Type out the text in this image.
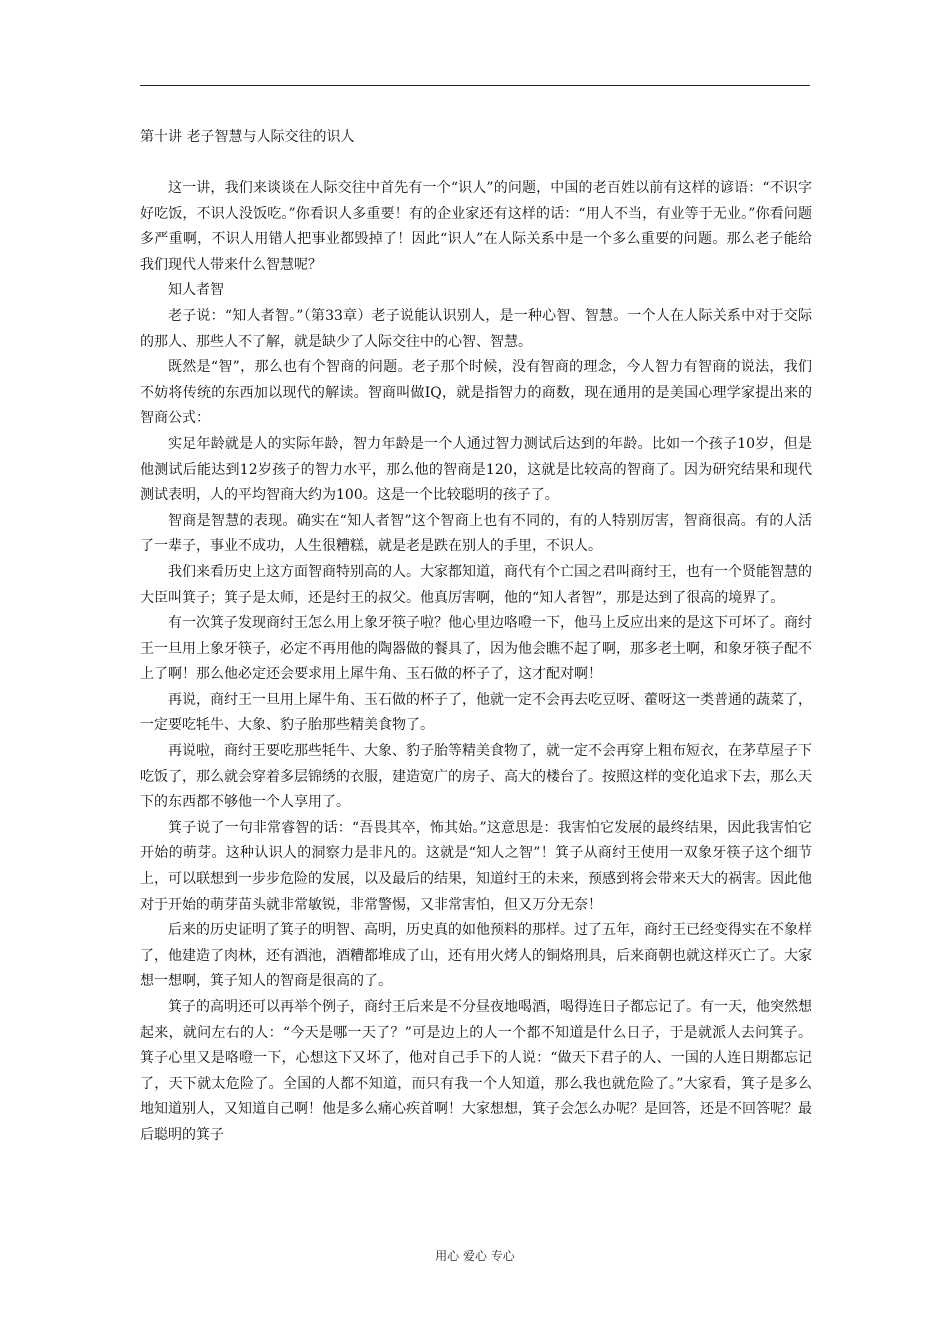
第十讲 老子智慧与人际交往的识人

这一讲，我们来谈谈在人际交往中首先有一个“识人”的问题，中国的老百姓以前有这样的谚语：“不识字好吃饭，不识人没饭吃。”你看识人多重要！有的企业家还有这样的话：“用人不当，有业等于无业。”你看问题多严重啊，不识人用错人把事业都毁掉了！因此“识人”在人际关系中是一个多么重要的问题。那么老子能给我们现代人带来什么智慧呢？

知人者智

老子说：“知人者智。”（第33章）老子说能认识别人，是一种心智、智慧。一个人在人际关系中对于交际的那人、那些人不了解，就是缺少了人际交往中的心智、智慧。

既然是“智”，那么也有个智商的问题。老子那个时候，没有智商的理念，今人智力有智商的说法，我们不妨将传统的东西加以现代的解读。智商叫做IQ，就是指智力的商数，现在通用的是美国心理学家提出来的智商公式：

实足年龄就是人的实际年龄，智力年龄是一个人通过智力测试后达到的年龄。比如一个孩子10岁，但是他测试后能达到12岁孩子的智力水平，那么他的智商是120，这就是比较高的智商了。因为研究结果和现代测试表明，人的平均智商大约为100。这是一个比较聪明的孩子了。

智商是智慧的表现。确实在“知人者智”这个智商上也有不同的，有的人特别厉害，智商很高。有的人活了一辈子，事业不成功，人生很糟糕，就是老是跌在别人的手里，不识人。

我们来看历史上这方面智商特别高的人。大家都知道，商代有个亡国之君叫商纣王，也有一个贤能智慧的大臣叫箕子；箕子是太师，还是纣王的叔父。他真厉害啊，他的“知人者智”，那是达到了很高的境界了。

有一次箕子发现商纣王怎么用上象牙筷子啦？他心里边咯噔一下，他马上反应出来的是这下可坏了。商纣王一旦用上象牙筷子，必定不再用他的陶器做的餐具了，因为他会瞧不起了啊，那多老土啊，和象牙筷子配不上了啊！那么他必定还会要求用上犀牛角、玉石做的杯子了，这才配对啊！

再说，商纣王一旦用上犀牛角、玉石做的杯子了，他就一定不会再去吃豆呀、藿呀这一类普通的蔬菜了，一定要吃牦牛、大象、豹子胎那些精美食物了。

再说啦，商纣王要吃那些牦牛、大象、豹子胎等精美食物了，就一定不会再穿上粗布短衣，在茅草屋子下吃饭了，那么就会穿着多层锦绣的衣服，建造宽广的房子、高大的楼台了。按照这样的变化追求下去，那么天下的东西都不够他一个人享用了。

箕子说了一句非常睿智的话：“吾畏其卒，怖其始。”这意思是：我害怕它发展的最终结果，因此我害怕它开始的萌芽。这种认识人的洞察力是非凡的。这就是“知人之智”！箕子从商纣王使用一双象牙筷子这个细节上，可以联想到一步步危险的发展，以及最后的结果，知道纣王的未来，预感到将会带来天大的祸害。因此他对于开始的萌芽苗头就非常敏锐，非常警惕，又非常害怕，但又万分无奈！

后来的历史证明了箕子的明智、高明，历史真的如他预料的那样。过了五年，商纣王已经变得实在不象样了，他建造了肉林，还有酒池，酒糟都堆成了山，还有用火烤人的铜烙刑具，后来商朝也就这样灭亡了。大家想一想啊，箕子知人的智商是很高的了。

箕子的高明还可以再举个例子，商纣王后来是不分昼夜地喝酒，喝得连日子都忘记了。有一天，他突然想起来，就问左右的人：“今天是哪一天了？”可是边上的人一个都不知道是什么日子，于是就派人去问箕子。箕子心里又是咯噔一下，心想这下又坏了，他对自己手下的人说：“做天下君子的人、一国的人连日期都忘记了，天下就太危险了。全国的人都不知道，而只有我一个人知道，那么我也就危险了。”大家看，箕子是多么地知道别人，又知道自己啊！他是多么痛心疾首啊！大家想想，箕子会怎么办呢？是回答，还是不回答呢？最后聪明的箕子

用心 爱心 专心
